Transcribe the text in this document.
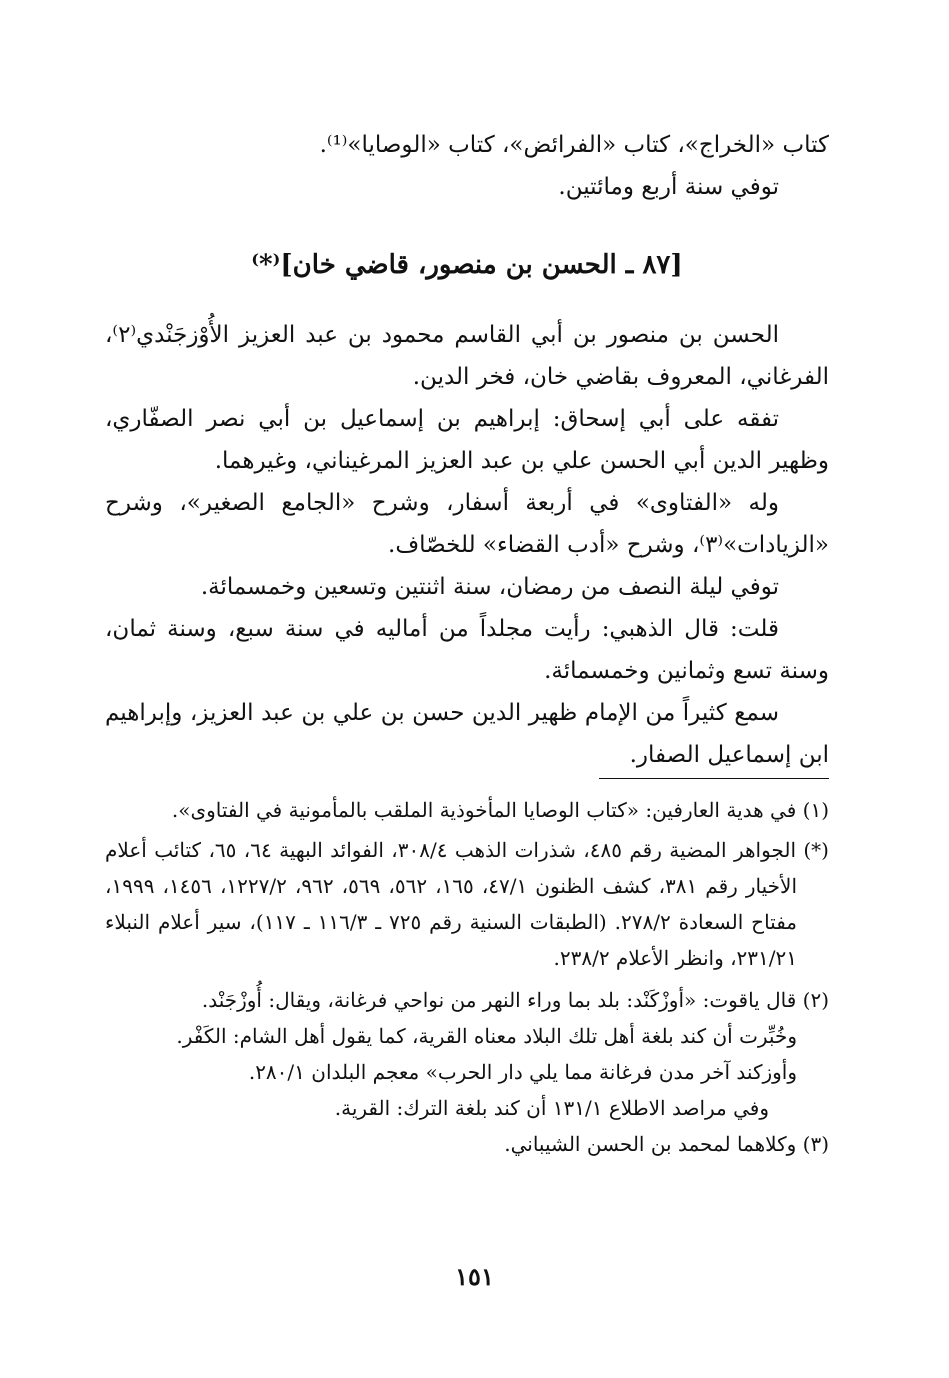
كتاب «الخراج»، كتاب «الفرائض»، كتاب «الوصايا»⁽¹⁾.

توفي سنة أربع ومائتين.

[٨٧ ـ الحسن بن منصور، قاضي خان]⁽*⁾

الحسن بن منصور بن أبي القاسم محمود بن عبد العزيز الأُوْزجَنْدي⁽٢⁾، الفرغاني، المعروف بقاضي خان، فخر الدين.

تفقه على أبي إسحاق: إبراهيم بن إسماعيل بن أبي نصر الصفّاري، وظهير الدين أبي الحسن علي بن عبد العزيز المرغيناني، وغيرهما.

وله «الفتاوى» في أربعة أسفار، وشرح «الجامع الصغير»، وشرح «الزيادات»⁽٣⁾، وشرح «أدب القضاء» للخصّاف.

توفي ليلة النصف من رمضان، سنة اثنتين وتسعين وخمسمائة.

قلت: قال الذهبي: رأيت مجلداً من أماليه في سنة سبع، وسنة ثمان، وسنة تسع وثمانين وخمسمائة.

سمع كثيراً من الإمام ظهير الدين حسن بن علي بن عبد العزيز، وإبراهيم ابن إسماعيل الصفار.

(١) في هدية العارفين: «كتاب الوصايا المأخوذية الملقب بالمأمونية في الفتاوى».

(*) الجواهر المضية رقم ٤٨٥، شذرات الذهب ٣٠٨/٤، الفوائد البهية ٦٤، ٦٥، كتائب أعلام الأخيار رقم ٣٨١، كشف الظنون ٤٧/١، ١٦٥، ٥٦٢، ٥٦٩، ٩٦٢، ١٢٢٧/٢، ١٤٥٦، ١٩٩٩، مفتاح السعادة ٢٧٨/٢. (الطبقات السنية رقم ٧٢٥ ـ ١١٦/٣ ـ ١١٧)، سير أعلام النبلاء ٢٣١/٢١، وانظر الأعلام ٢٣٨/٢.

(٢) قال ياقوت: «أوزْكَنْد: بلد بما وراء النهر من نواحي فرغانة، ويقال: أُوزْجَنْد.

وخُبِّرت أن كند بلغة أهل تلك البلاد معناه القرية، كما يقول أهل الشام: الكَفْر.

وأوزكند آخر مدن فرغانة مما يلي دار الحرب» معجم البلدان ٢٨٠/١.

وفي مراصد الاطلاع ١٣١/١ أن كند بلغة الترك: القرية.

(٣) وكلاهما لمحمد بن الحسن الشيباني.

١٥١
